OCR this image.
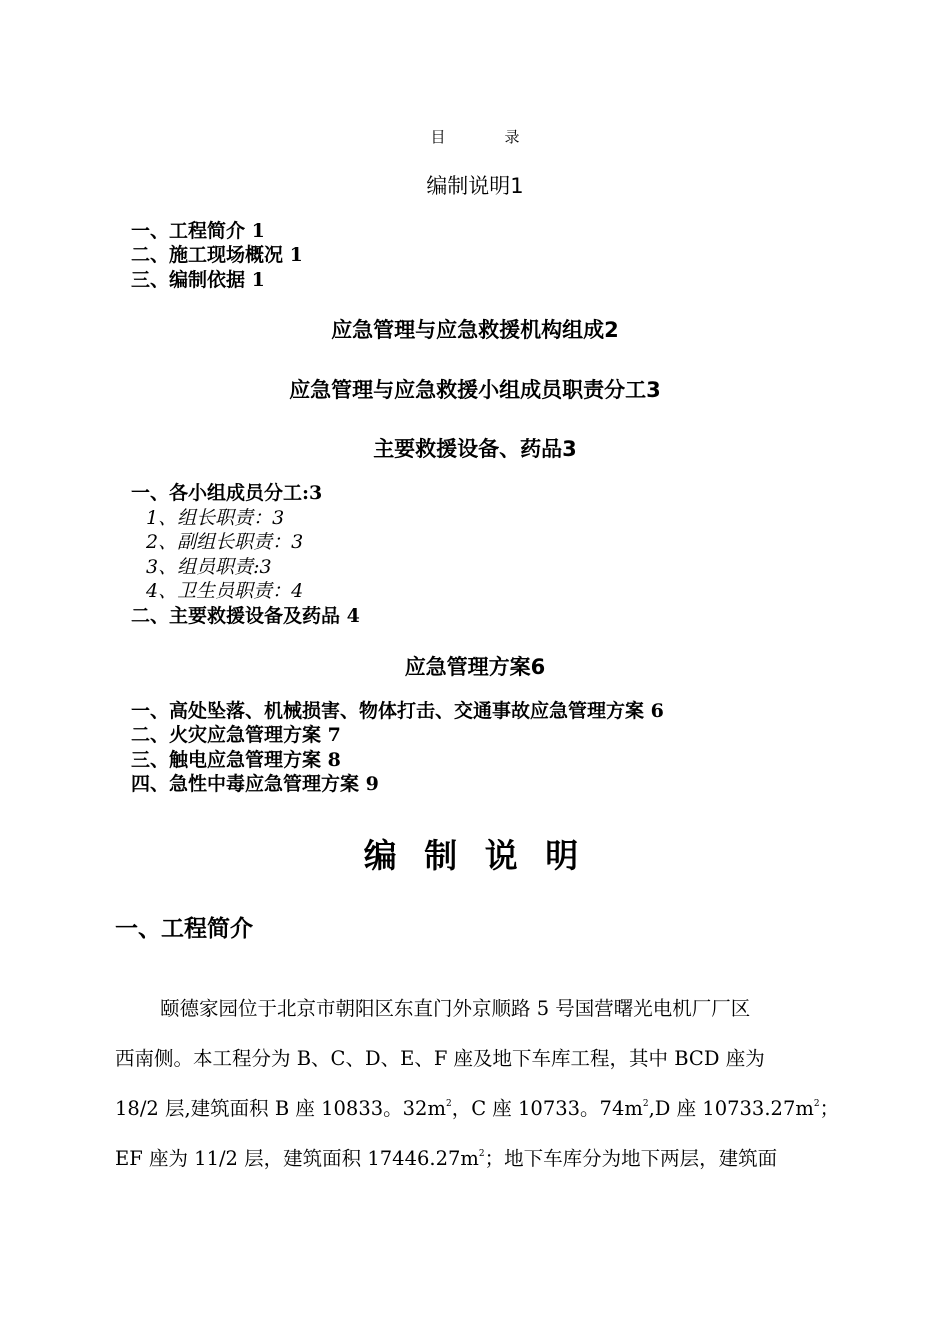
目　录
编制说明1
一、工程简介 1
二、施工现场概况 1
三、编制依据 1
应急管理与应急救援机构组成2
应急管理与应急救援小组成员职责分工3
主要救援设备、药品3
一、各小组成员分工:3
1、组长职责：3
2、副组长职责：3
3、组员职责:3
4、卫生员职责：4
二、主要救援设备及药品 4
应急管理方案6
一、高处坠落、机械损害、物体打击、交通事故应急管理方案 6
二、火灾应急管理方案 7
三、触电应急管理方案 8
四、急性中毒应急管理方案 9
编 制 说 明
一、工程简介
颐德家园位于北京市朝阳区东直门外京顺路 5 号国营曙光电机厂厂区
西南侧。本工程分为 B、C、D、E、F 座及地下车库工程，其中 BCD 座为
18/2 层,建筑面积 B 座 10833。$32m^2$，C 座 10733。$74m^2,D$ 座 $10733.27m^2$；
EF 座为 11/2 层，建筑面积 $17446.27m^2$；地下车库分为地下两层，建筑面
